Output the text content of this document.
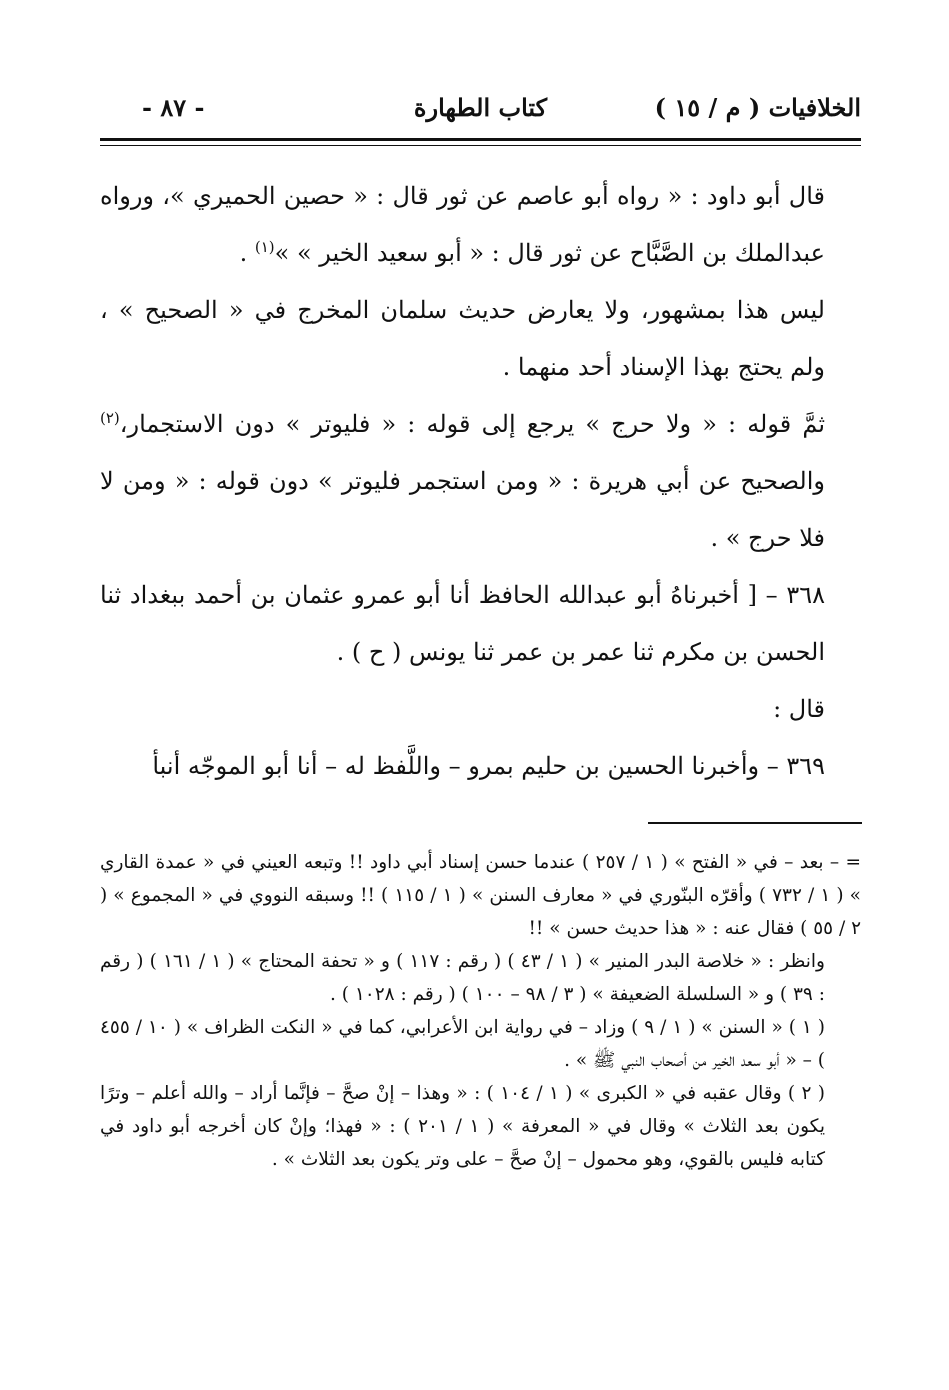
الخلافيات ( م / ١٥ )
كتاب الطهارة
- ٨٧ -

قال أبو داود : « رواه أبو عاصم عن ثور قال : « حصين الحميري »، ورواه عبدالملك بن الصَّبَّاح عن ثور قال : « أبو سعيد الخير » »$^{(١)}$ .

ليس هذا بمشهور، ولا يعارض حديث سلمان المخرج في « الصحيح » ، ولم يحتج بهذا الإسناد أحد منهما .

ثمَّ قوله : « ولا حرج » يرجع إلى قوله : « فليوتر » دون الاستجمار،$^{(٢)}$ والصحيح عن أبي هريرة : « ومن استجمر فليوتر » دون قوله : « ومن لا فلا حرج » .

٣٦٨ – [ أخبرناهُ أبو عبدالله الحافظ أنا أبو عمرو عثمان بن أحمد ببغداد ثنا الحسن بن مكرم ثنا عمر بن عمر ثنا يونس ( ح ) .

قال :

٣٦٩ – وأخبرنا الحسين بن حليم بمرو – واللَّفظ له – أنا أبو الموجّه أنبأ

= – بعد – في « الفتح » ( ١ / ٢٥٧ ) عندما حسن إسناد أبي داود !! وتبعه العيني في « عمدة القاري » ( ١ / ٧٣٢ ) وأقرّه البنّوري في « معارف السنن » ( ١ / ١١٥ ) !! وسبقه النووي في « المجموع » ( ٢ / ٥٥ ) فقال عنه : « هذا حديث حسن » !!

وانظر : « خلاصة البدر المنير » ( ١ / ٤٣ ) ( رقم : ١١٧ ) و « تحفة المحتاج » ( ١ / ١٦١ ) ( رقم : ٣٩ ) و « السلسلة الضعيفة » ( ٣ / ٩٨ – ١٠٠ ) ( رقم : ١٠٢٨ ) .

( ١ ) « السنن » ( ١ / ٩ ) وزاد – في رواية ابن الأعرابي، كما في « النكت الظراف » ( ١٠ / ٤٥٥ ) – « أبو سعد الخير من أصحاب النبي ﷺ » .

( ٢ ) وقال عقبه في « الكبرى » ( ١ / ١٠٤ ) : « وهذا – إنْ صحَّ – فإنَّما أراد – والله أعلم – وترًا يكون بعد الثلاث » وقال في « المعرفة » ( ١ / ٢٠١ ) : « فهذا؛ وإنْ كان أخرجه أبو داود في كتابه فليس بالقوي، وهو محمول – إنْ صحَّ – على وتر يكون بعد الثلاث » .
